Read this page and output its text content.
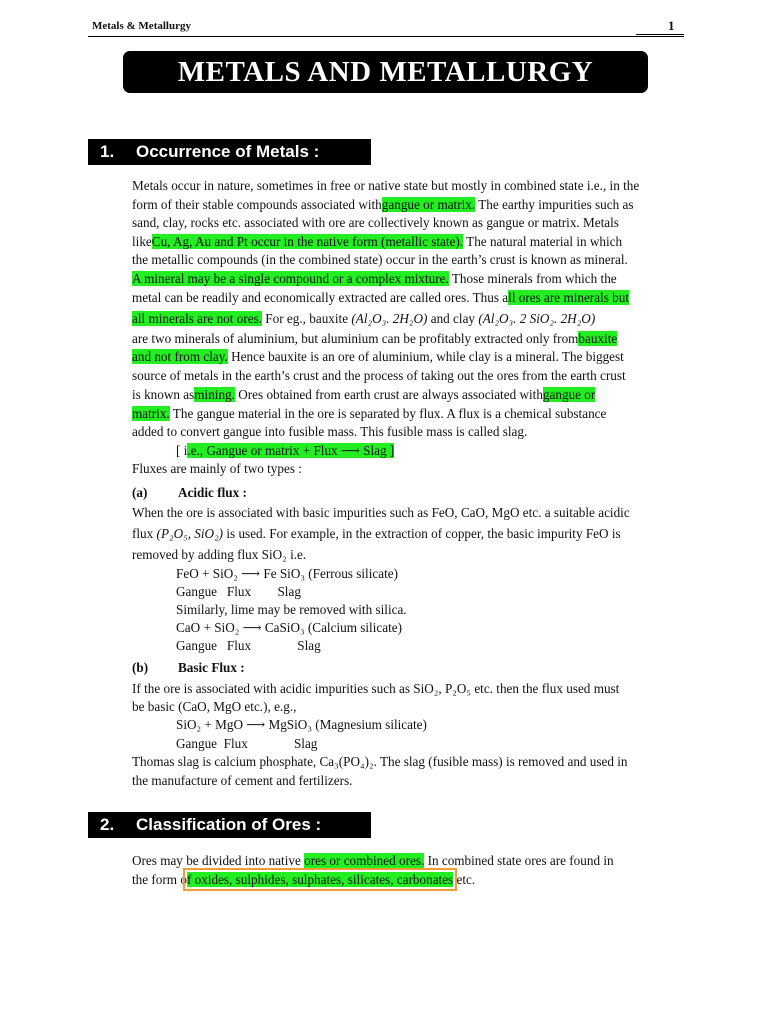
Metals & Metallurgy	1
METALS AND METALLURGY
1. Occurrence of Metals :
Metals occur in nature, sometimes in free or native state but mostly in combined state i.e., in the
form of their stable compounds associated withgangue or matrix. The earthy impurities such as
sand, clay, rocks etc. associated with ore are collectively known as gangue or matrix. Metals
likeCu, Ag, Au and Pt occur in the native form (metallic state). The natural material in which
the metallic compounds (in the combined state) occur in the earth’s crust is known as mineral.
A mineral may be a single compound or a complex mixture. Those minerals from which the
metal can be readily and economically extracted are called ores. Thus all ores are minerals but
all minerals are not ores. For eg., bauxite (Al₂O₃. 2H₂O) and clay (Al₂O₃. 2 SiO₂. 2H₂O)
are two minerals of aluminium, but aluminium can be profitably extracted only frombauxite
and not from clay. Hence bauxite is an ore of aluminium, while clay is a mineral. The biggest
source of metals in the earth’s crust and the process of taking out the ores from the earth crust
is known asmining. Ores obtained from earth crust are always associated withgangue or
matrix. The gangue material in the ore is separated by flux. A flux is a chemical substance
added to convert gangue into fusible mass. This fusible mass is called slag.
[ i.e., Gangue or matrix + Flux ⟶ Slag ]
Fluxes are mainly of two types :
(a) Acidic flux :
When the ore is associated with basic impurities such as FeO, CaO, MgO etc. a suitable acidic
flux (P₂O₅, SiO₂) is used. For example, in the extraction of copper, the basic impurity FeO is
removed by adding flux SiO₂ i.e.
FeO + SiO₂ ⟶ Fe SiO₃ (Ferrous silicate)
Gangue   Flux        Slag
Similarly, lime may be removed with silica.
CaO + SiO₂ ⟶ CaSiO₃ (Calcium silicate)
Gangue   Flux              Slag
(b) Basic Flux :
If the ore is associated with acidic impurities such as SiO₂, P₂O₅ etc. then the flux used must
be basic (CaO, MgO etc.), e.g.,
SiO₂ + MgO ⟶ MgSiO₃ (Magnesium silicate)
Gangue  Flux              Slag
Thomas slag is calcium phosphate, Ca₃(PO₄)₂. The slag (fusible mass) is removed and used in
the manufacture of cement and fertilizers.
2. Classification of Ores :
Ores may be divided into native ores or combined ores. In combined state ores are found in
the form of oxides, sulphides, sulphates, silicates, carbonates etc.
